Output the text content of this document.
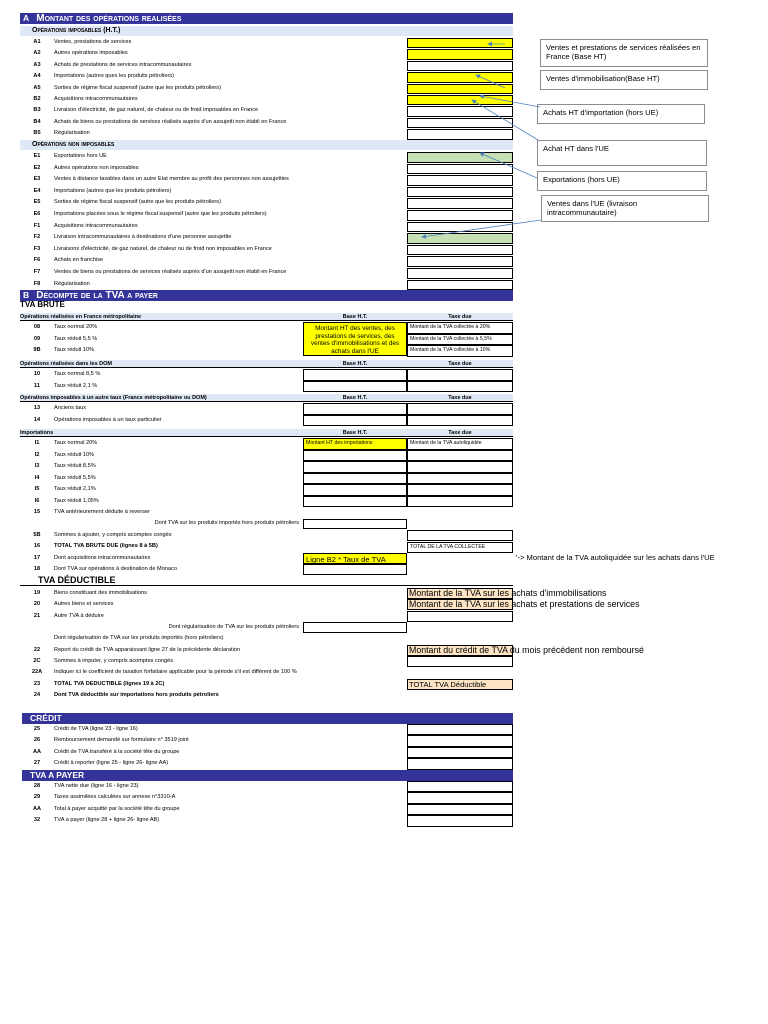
A Montant des opérations realisées
Opérations imposables (H.T.)
A1	Ventes, prestations de services
A2	Autres opérations imposables
A3	Achats de prestations de services intracommunautaires
A4	Importations (autres ques les produits pétroliers)
A5	Sorties de régime fiscal suspensif (autre que les produits pétroliers)
B2	Acquisitions intracommunautaires
B3	Livraison d'électricité, de gaz naturel, de chaleur ou de froid imposables en France
B4	Achats de biens ou prestations de services réalisés auprès d'un assujetti non établi en France
B5	Régularisation
Opérations non imposables
E1	Exportations hors UE
E2	Autres opérations non imposables
E3	Ventes à distance taxables dans un autre Etat membre au profit des personnes non assujetties
E4	Importations (autres que les produits pétroliers)
E5	Sorties de régime fiscal suspensif (autre que les produits pétroliers)
E6	Importations placées sous le régime fiscal suspensif (autre que les produits pétroliers)
F1	Acquisitions intracommunautaires
F2	Livraison intracommunautaires à destinations d'une personne assujettie
F3	Livraisons d'électricité, de gaz naturel, de chaleur ou de froid non imposables en France
F6	Achats en franchise
F7	Ventes de biens ou prestations de services réalisés auprès d'un assujetti non établi en France
F8	Régularisation
Ventes et prestations de services réalisées en France (Base HT)
Ventes d'immobilisation(Base HT)
Achats HT d'importation (hors UE)
Achat HT dans l'UE
Exportations (hors UE)
Ventes dans l'UE (livraison intracommunautaire)
B Décompte de la TVA a payer
TVA BRUTE
Opérations réalisées en France métropolitaine	Base H.T.	Taxe due
08	Taux normal 20%	Montant de la TVA collectée à 20%
09	Taux réduit 5,5 %	Montant de la TVA collectée à 5,5%
9B	Taux réduit 10%	Montant de la TVA collectée à 10%
Montant HT des ventes, des prestations de services, des ventes d'immobilisations et des achats dans l'UE
Opérations réalisées dans les DOM	Base H.T.	Taxe due
10	Taux normal 8,5 %
11	Taux réduit 2,1 %
Opérations imposables à un autre taux (France métropolitaine ou DOM)	Base H.T.	Taxe due
13	Anciens taux
14	Opérations imposables à un taux particulier
Importations	Base H.T.	Taxe due
I1	Taux normal 20%	Montant HT des importations	Montant de la TVA autoliquidée
I2	Taux réduit 10%
I3	Taux réduit 8,5%
I4	Taux réduit 5,5%
I5	Taux réduit 2,1%
I6	Taux réduit 1,05%
15	TVA antérieurement déduite à reverser
Dont TVA sur les produits importés hors produits pétroliers
5B	Sommes à ajouter, y compris acomptes congés
16	TOTAL TVA BRUTE DUE (lignes 8 à 5B)	TOTAL DE LA TVA COLLECTEE
17	Dont acquisitions intracommunautaires	Ligne B2 * Taux de TVA
18	Dont TVA sur opérations à destination de Monaco
'-> Montant de la TVA autoliquidée sur les achats dans l'UE
TVA DÉDUCTIBLE
19	Biens constituant des immobilisations	Montant de la TVA sur les achats d'immobilisations
20	Autres biens et services	Montant de la TVA sur les achats et prestations de services
21	Autre TVA à déduire
Dont régularisation de TVA sur les produits pétroliers
Dont régularisation de TVA sur les produits importés (hors pétroliers)
22	Report du crédit de TVA apparaissant ligne 27 de la précédente déclaration	Montant du crédit de TVA du mois précédent non remboursé
2C	Sommes à imputer, y compris acomptes congés
22A	Indiquer ici le coefficient de taxation forfaitaire applicable pour la période s'il est différent de 100 %
23	TOTAL TVA DEDUCTIBLE (lignes 19 à 2C)	TOTAL TVA Déductible
24	Dont TVA déductible sur importations hors produits pétroliers
CRÉDIT
25	Crédit de TVA (ligne 23 - ligne 16)
26	Remboursement demandé sur formulaire n° 3519 joint
AA	Crédit de TVA transféré à la société tête du groupe
27	Crédit à reporter (ligne 25 - ligne 26- ligne AA)
TVA A PAYER
28	TVA nette due (ligne 16 - ligne 23)
29	Taxes assimilées calculées sur annexe n°3310-A
AA	Total à payer acquitté par la société tête du groupe
32	TVA a payer (ligne 28 + ligne 26- ligne AB)
